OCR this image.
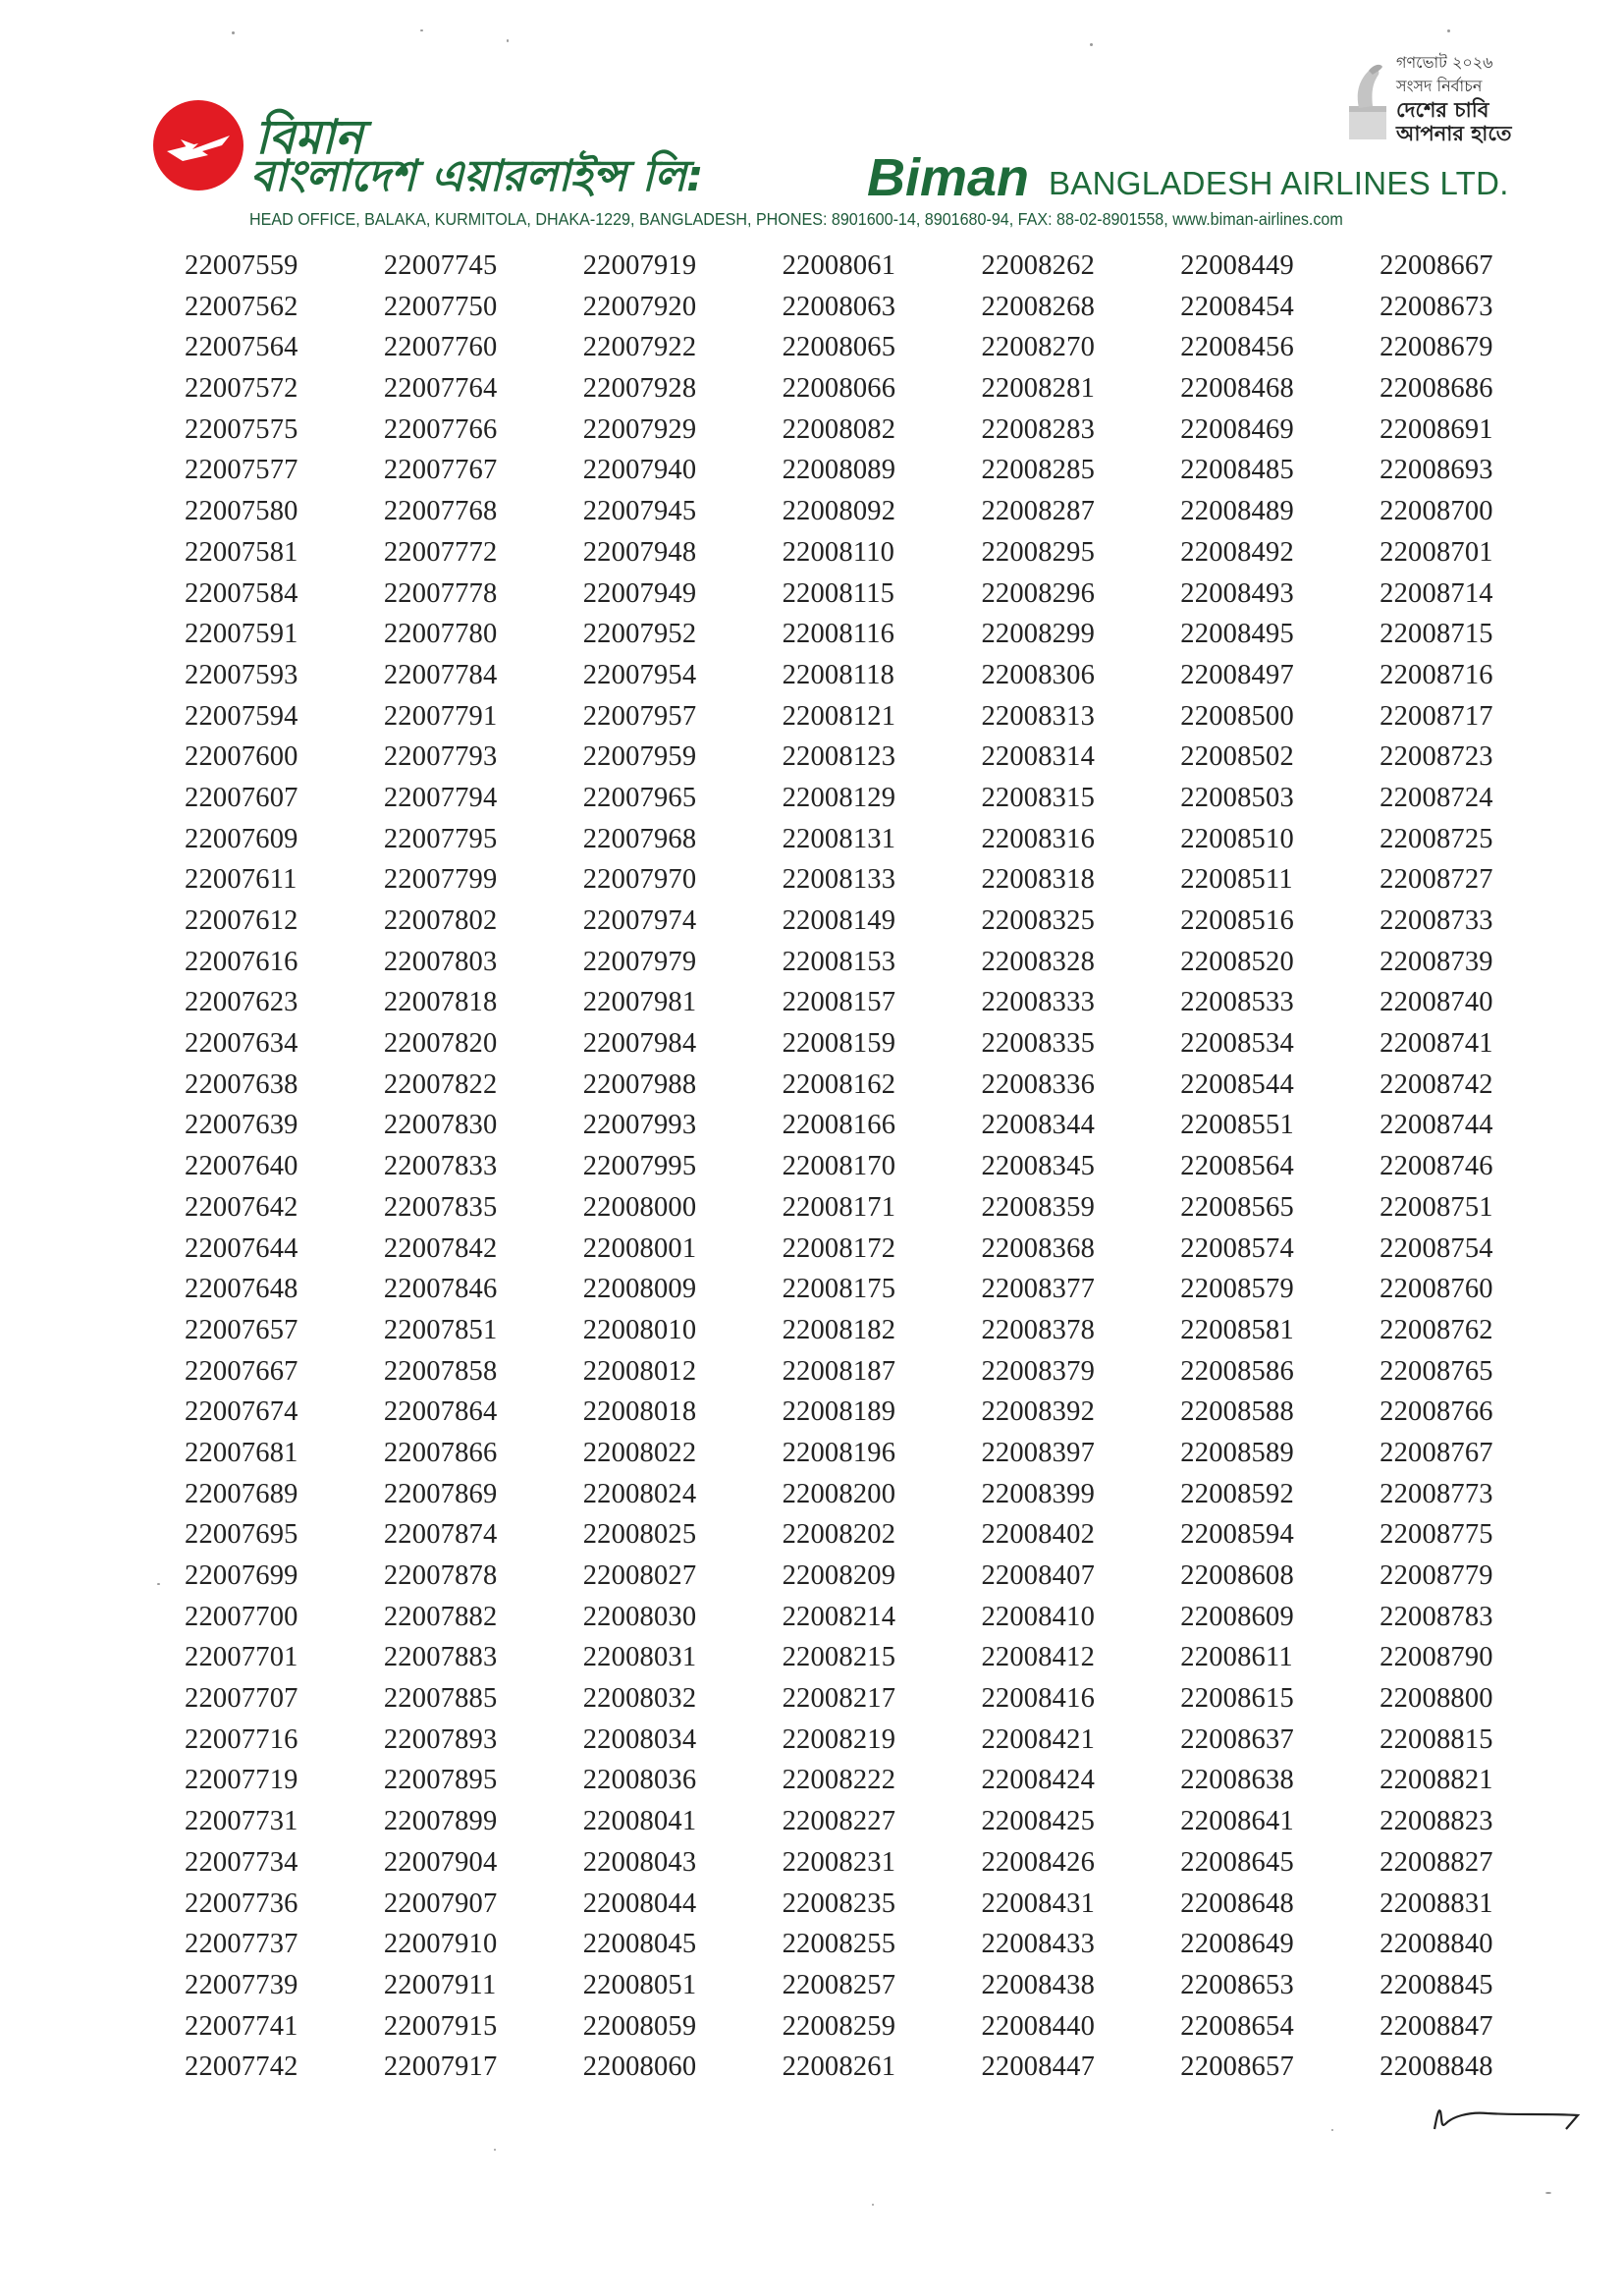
বিমান
বাংলাদেশ এয়ারলাইন্স লি:	Biman BANGLADESH AIRLINES LTD.
HEAD OFFICE, BALAKA, KURMITOLA, DHAKA-1229, BANGLADESH, PHONES: 8901600-14, 8901680-94, FAX: 88-02-8901558, www.biman-airlines.com
গণভোট ২০২৬
সংসদ নির্বাচন
দেশের চাবি
আপনার হাতে
22007559
22007562
22007564
22007572
22007575
22007577
22007580
22007581
22007584
22007591
22007593
22007594
22007600
22007607
22007609
22007611
22007612
22007616
22007623
22007634
22007638
22007639
22007640
22007642
22007644
22007648
22007657
22007667
22007674
22007681
22007689
22007695
22007699
22007700
22007701
22007707
22007716
22007719
22007731
22007734
22007736
22007737
22007739
22007741
22007742
22007745
22007750
22007760
22007764
22007766
22007767
22007768
22007772
22007778
22007780
22007784
22007791
22007793
22007794
22007795
22007799
22007802
22007803
22007818
22007820
22007822
22007830
22007833
22007835
22007842
22007846
22007851
22007858
22007864
22007866
22007869
22007874
22007878
22007882
22007883
22007885
22007893
22007895
22007899
22007904
22007907
22007910
22007911
22007915
22007917
22007919
22007920
22007922
22007928
22007929
22007940
22007945
22007948
22007949
22007952
22007954
22007957
22007959
22007965
22007968
22007970
22007974
22007979
22007981
22007984
22007988
22007993
22007995
22008000
22008001
22008009
22008010
22008012
22008018
22008022
22008024
22008025
22008027
22008030
22008031
22008032
22008034
22008036
22008041
22008043
22008044
22008045
22008051
22008059
22008060
22008061
22008063
22008065
22008066
22008082
22008089
22008092
22008110
22008115
22008116
22008118
22008121
22008123
22008129
22008131
22008133
22008149
22008153
22008157
22008159
22008162
22008166
22008170
22008171
22008172
22008175
22008182
22008187
22008189
22008196
22008200
22008202
22008209
22008214
22008215
22008217
22008219
22008222
22008227
22008231
22008235
22008255
22008257
22008259
22008261
22008262
22008268
22008270
22008281
22008283
22008285
22008287
22008295
22008296
22008299
22008306
22008313
22008314
22008315
22008316
22008318
22008325
22008328
22008333
22008335
22008336
22008344
22008345
22008359
22008368
22008377
22008378
22008379
22008392
22008397
22008399
22008402
22008407
22008410
22008412
22008416
22008421
22008424
22008425
22008426
22008431
22008433
22008438
22008440
22008447
22008449
22008454
22008456
22008468
22008469
22008485
22008489
22008492
22008493
22008495
22008497
22008500
22008502
22008503
22008510
22008511
22008516
22008520
22008533
22008534
22008544
22008551
22008564
22008565
22008574
22008579
22008581
22008586
22008588
22008589
22008592
22008594
22008608
22008609
22008611
22008615
22008637
22008638
22008641
22008645
22008648
22008649
22008653
22008654
22008657
22008667
22008673
22008679
22008686
22008691
22008693
22008700
22008701
22008714
22008715
22008716
22008717
22008723
22008724
22008725
22008727
22008733
22008739
22008740
22008741
22008742
22008744
22008746
22008751
22008754
22008760
22008762
22008765
22008766
22008767
22008773
22008775
22008779
22008783
22008790
22008800
22008815
22008821
22008823
22008827
22008831
22008840
22008845
22008847
22008848
